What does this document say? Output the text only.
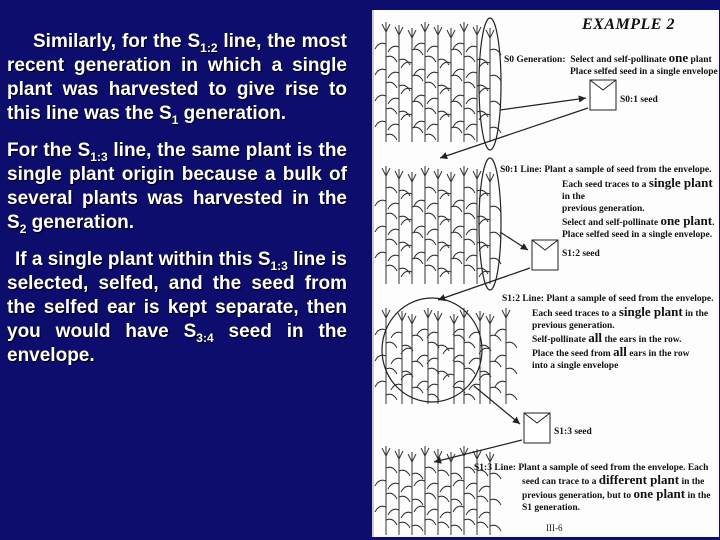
Similarly, for the $S_{1:2}$ line, the most recent generation in which a single plant was harvested to give rise to this line was the $S_1$ generation.

For the $S_{1:3}$ line, the same plant is the single plant origin because a bulk of several plants was harvested in the $S_2$ generation.

If a single plant within this $S_{1:3}$ line is selected, selfed, and the seed from the selfed ear is kept separate, then you would have $S_{3:4}$ seed in the envelope.

EXAMPLE 2
S0 Generation: Select and self-pollinate one plant
Place selfed seed in a single envelope
S0:1 seed
S0:1 Line: Plant a sample of seed from the envelope.
Each seed traces to a single plant in the
previous generation.
Select and self-pollinate one plant.
Place selfed seed in a single envelope.
S1:2 seed
S1:2 Line: Plant a sample of seed from the envelope.
Each seed traces to a single plant in the
previous generation.
Self-pollinate all the ears in the row.
Place the seed from all ears in the row
into a single envelope
S1:3 seed
S1:3 Line: Plant a sample of seed from the envelope. Each
seed can trace to a different plant in the
previous generation, but to one plant in the
S1 generation.
III-6
